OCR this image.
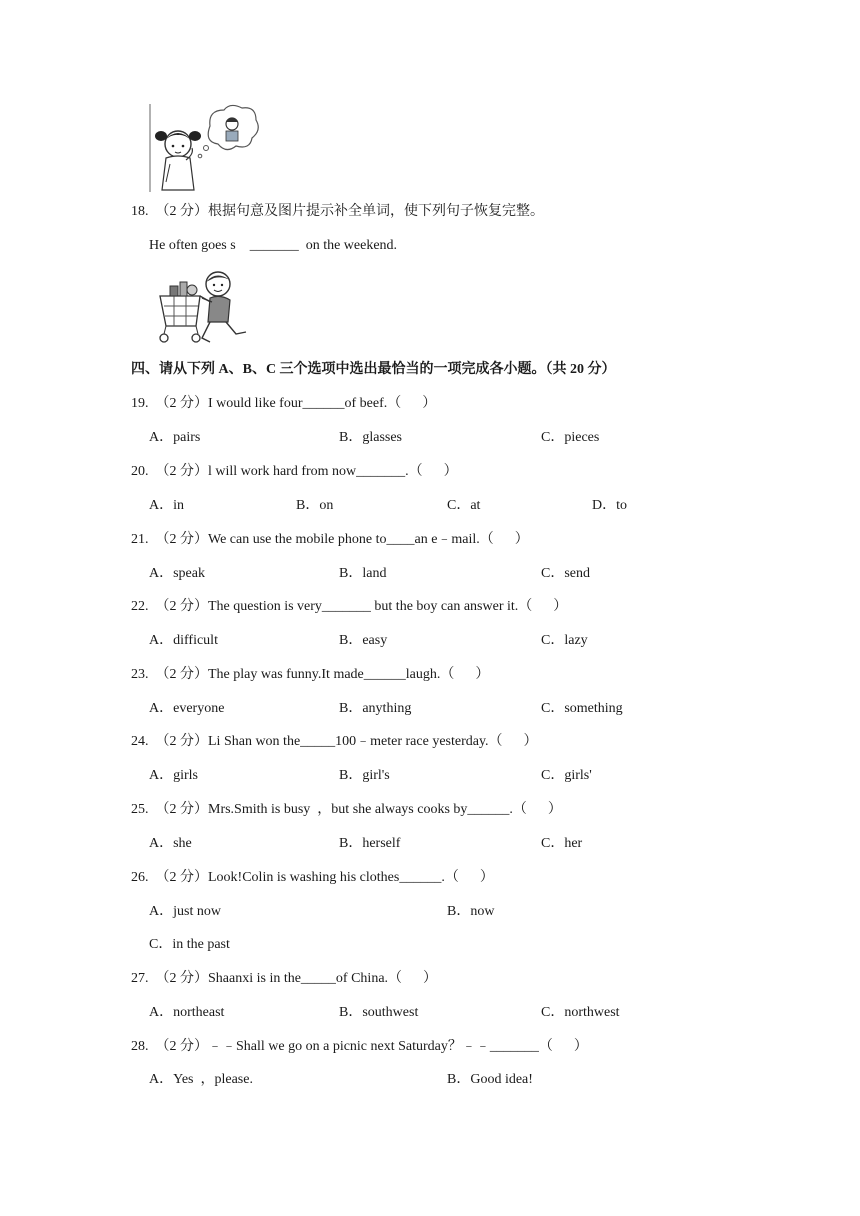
18.  （2 分）根据句意及图片提示补全单词，使下列句子恢复完整。
He often goes s    _______  on the weekend.
四、请从下列 A、B、C 三个选项中选出最恰当的一项完成各小题。（共 20 分）
19.  （2 分）I would like four______of beef.（      ）
A．pairs	B．glasses	C．pieces
20.  （2 分）l will work hard from now_______.（      ）
A．in	B．on	C．at	D．to
21.  （2 分）We can use the mobile phone to____an e﹣mail.（      ）
A．speak	B．land	C．send
22.  （2 分）The question is very_______ but the boy can answer it.（      ）
A．difficult	B．easy	C．lazy
23.  （2 分）The play was funny.It made______laugh.（      ）
A．everyone	B．anything	C．something
24.  （2 分）Li Shan won the_____100﹣meter race yesterday.（      ）
A．girls	B．girl's	C．girls'
25.  （2 分）Mrs.Smith is busy  ，but she always cooks by______.（      ）
A．she	B．herself	C．her
26.  （2 分）Look!Colin is washing his clothes______.（      ）
A．just now	B．now
C．in the past
27.  （2 分）Shaanxi is in the_____of China.（      ）
A．northeast	B．southwest	C．northwest
28.  （2 分）﹣﹣Shall we go on a picnic next Saturday？﹣﹣_______（      ）
A．Yes  ，please.	B．Good idea!
